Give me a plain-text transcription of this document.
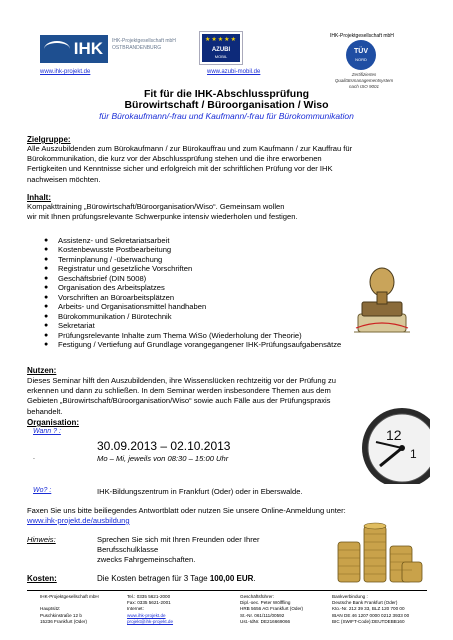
IHK IHK-Projektgesellschaft mbH
OSTBRANDENBURG
★★★★★
AZUBI
MOBIL
IHK-Projektgesellschaft mbH
TÜV
NORD
www.ihk-projekt.de	www.azubi-mobil.de	Zertifiziertes Qualitätsmanagementsystem
nach ISO 9001
Fit für die IHK-Abschlussprüfung
Bürowirtschaft / Büroorganisation / Wiso
für Bürokaufmann/-frau und Kaufmann/-frau für Bürokommunikation
Zielgruppe:
Alle Auszubildenden zum Bürokaufmann / zur Bürokauffrau und zum Kaufmann / zur Kauffrau für
Bürokommunikation, die kurz vor der Abschlussprüfung stehen und die ihre erworbenen
Fertigkeiten und Kenntnisse sicher und erfolgreich mit der schriftlichen Prüfung vor der IHK
nachweisen möchten.
Inhalt:
Kompakttraining „Bürowirtschaft/Büroorganisation/Wiso“. Gemeinsam wollen
wir mit Ihnen prüfungsrelevante Schwerpunke intensiv wiederholen und festigen.
● Assistenz- und Sekretariatsarbeit
● Kostenbewusste Postbearbeitung
● Terminplanung / -überwachung
● Registratur und gesetzliche Vorschriften
● Geschäftsbrief (DIN 5008)
● Organisation des Arbeitsplatzes
● Vorschriften an Büroarbeitsplätzen
● Arbeits- und Organisationsmittel handhaben
● Bürokommunikation / Bürotechnik
● Sekretariat
● Prüfungsrelevante Inhalte zum Thema WiSo (Wiederholung der Theorie)
● Festigung / Vertiefung auf Grundlage vorangegangener IHK-Prüfungsaufgabensätze
Nutzen:
Dieses Seminar hilft den Auszubildenden, ihre Wissenslücken rechtzeitig vor der Prüfung zu
erkennen und dann zu schließen. In dem Seminar werden insbesondere Themen aus dem
Gebieten „Bürowirtschaft/Büroorganisation/Wiso“ sowie auch Fälle aus der Prüfungspraxis
behandelt.
Organisation:
Wann ? :
30.09.2013 – 02.10.2013
.	Mo – Mi, jeweils von 08:30 – 15:00 Uhr
12
1
Wo? :	IHK-Bildungszentrum in Frankfurt (Oder) oder in Eberswalde.
Faxen Sie uns bitte beiliegendes Antwortblatt oder nutzen Sie unsere Online-Anmeldung unter:
www.ihk-projekt.de/ausbildung
Hinweis:	Sprechen Sie sich mit Ihren Freunden oder Ihrer Berufsschulklasse
zwecks Fahrgemeinschaften.
Kosten:	Die Kosten betragen für 3 Tage 100,00 EUR.
IHK-Projektgesellschaft mbH

Hauptsitz:
Puschkinstraße 12 b
15236 Frankfurt (Oder)
Tel.: 0335 5621-2000
Fax: 0335 5621-2001
Internet:
www.ihk-projekt.de
projekt@ihk-projekt.de
Geschäftsführer:
Dipl.-oec. Peter Wölffling
HRB 5656 AG Frankfurt (Oder)
St.-Nr. 061/111/00592
Ust.-IdNr. DE216669066
Bankverbindung :
Deutsche Bank Frankfurt (Oder)
Kto.-Nr. 212 39 33, BLZ 120 700 00
IBAN DE 46 1207 0000 0212 3933 00
BIC (SWIFT-Code):DEUTDEBB160
